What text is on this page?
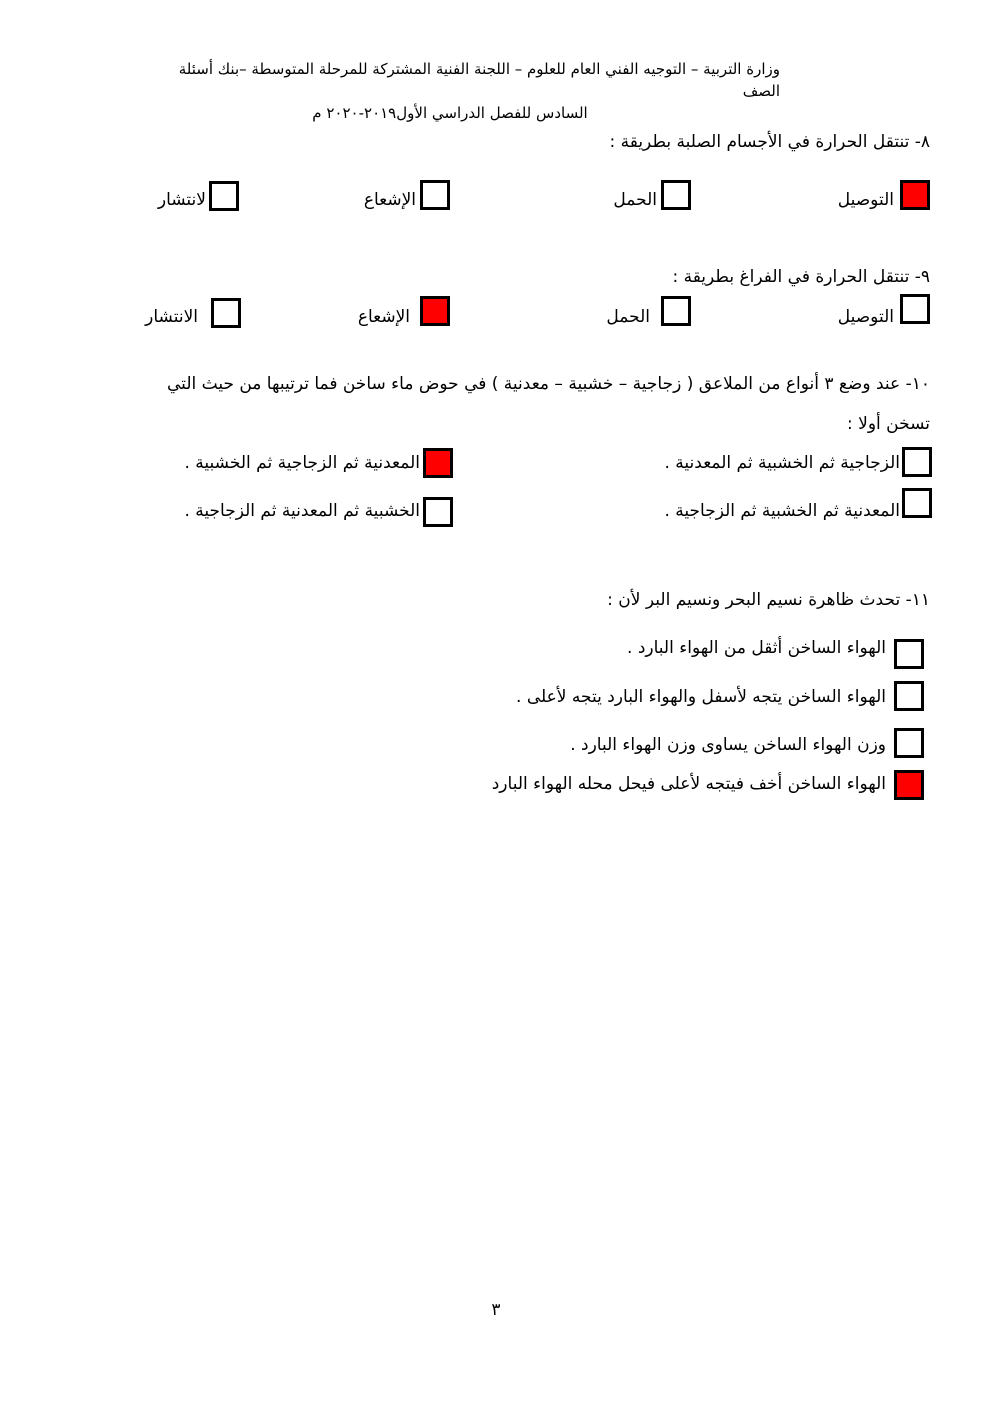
وزارة التربية – التوجيه الفني العام للعلوم – اللجنة الفنية المشتركة للمرحلة المتوسطة –بنك أسئلة الصف

السادس للفصل الدراسي الأول٢٠١٩-٢٠٢٠ م
٨- تنتقل الحرارة في الأجسام الصلبة بطريقة :
التوصيل
الحمل
الإشعاع
لانتشار
٩- تنتقل الحرارة في الفراغ بطريقة :
التوصيل
الحمل
الإشعاع
الانتشار
١٠- عند وضع ٣ أنواع من الملاعق ( زجاجية – خشبية – معدنية ) في حوض ماء ساخن فما ترتيبها من حيث التي
تسخن أولا :
الزجاجية ثم الخشبية ثم المعدنية .
المعدنية ثم الزجاجية ثم الخشبية .
المعدنية ثم الخشبية ثم الزجاجية .
الخشبية ثم المعدنية ثم الزجاجية .
١١- تحدث ظاهرة نسيم البحر ونسيم البر لأن :
الهواء الساخن أثقل من الهواء البارد .
الهواء الساخن يتجه لأسفل والهواء البارد يتجه لأعلى .
وزن الهواء الساخن يساوى وزن الهواء البارد .
الهواء الساخن أخف فيتجه لأعلى فيحل محله الهواء البارد
٣
